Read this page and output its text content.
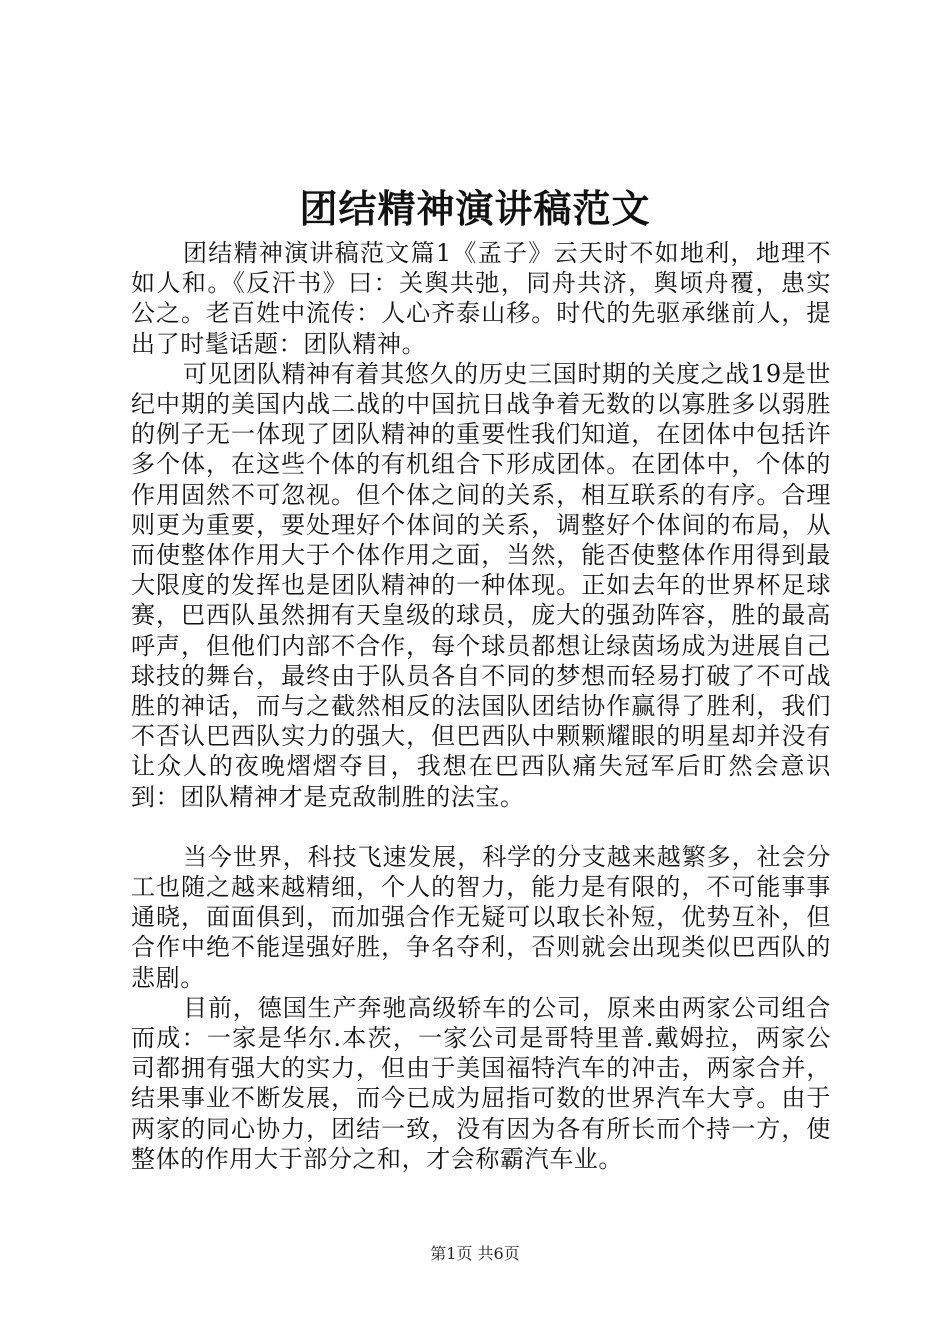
团结精神演讲稿范文

团结精神演讲稿范文篇1《孟子》云天时不如地利，地理不如人和。《反汗书》曰：关舆共弛，同舟共济，舆顷舟覆，患实公之。老百姓中流传：人心齐泰山移。时代的先驱承继前人，提出了时髦话题：团队精神。

可见团队精神有着其悠久的历史三国时期的关度之战19是世纪中期的美国内战二战的中国抗日战争着无数的以寡胜多以弱胜的例子无一体现了团队精神的重要性我们知道，在团体中包括许多个体，在这些个体的有机组合下形成团体。在团体中，个体的作用固然不可忽视。但个体之间的关系，相互联系的有序。合理则更为重要，要处理好个体间的关系，调整好个体间的布局，从而使整体作用大于个体作用之面，当然，能否使整体作用得到最大限度的发挥也是团队精神的一种体现。正如去年的世界杯足球赛，巴西队虽然拥有天皇级的球员，庞大的强劲阵容，胜的最高呼声，但他们内部不合作，每个球员都想让绿茵场成为进展自己球技的舞台，最终由于队员各自不同的梦想而轻易打破了不可战胜的神话，而与之截然相反的法国队团结协作赢得了胜利，我们不否认巴西队实力的强大，但巴西队中颗颗耀眼的明星却并没有让众人的夜晚熠熠夺目，我想在巴西队痛失冠军后盯然会意识到：团队精神才是克敌制胜的法宝。

当今世界，科技飞速发展，科学的分支越来越繁多，社会分工也随之越来越精细，个人的智力，能力是有限的，不可能事事通晓，面面俱到，而加强合作无疑可以取长补短，优势互补，但合作中绝不能逞强好胜，争名夺利，否则就会出现类似巴西队的悲剧。

目前，德国生产奔驰高级轿车的公司，原来由两家公司组合而成：一家是华尔.本茨，一家公司是哥特里普.戴姆拉，两家公司都拥有强大的实力，但由于美国福特汽车的冲击，两家合并，结果事业不断发展，而今已成为屈指可数的世界汽车大亨。由于两家的同心协力，团结一致，没有因为各有所长而个持一方，使整体的作用大于部分之和，才会称霸汽车业。

第1页 共6页
